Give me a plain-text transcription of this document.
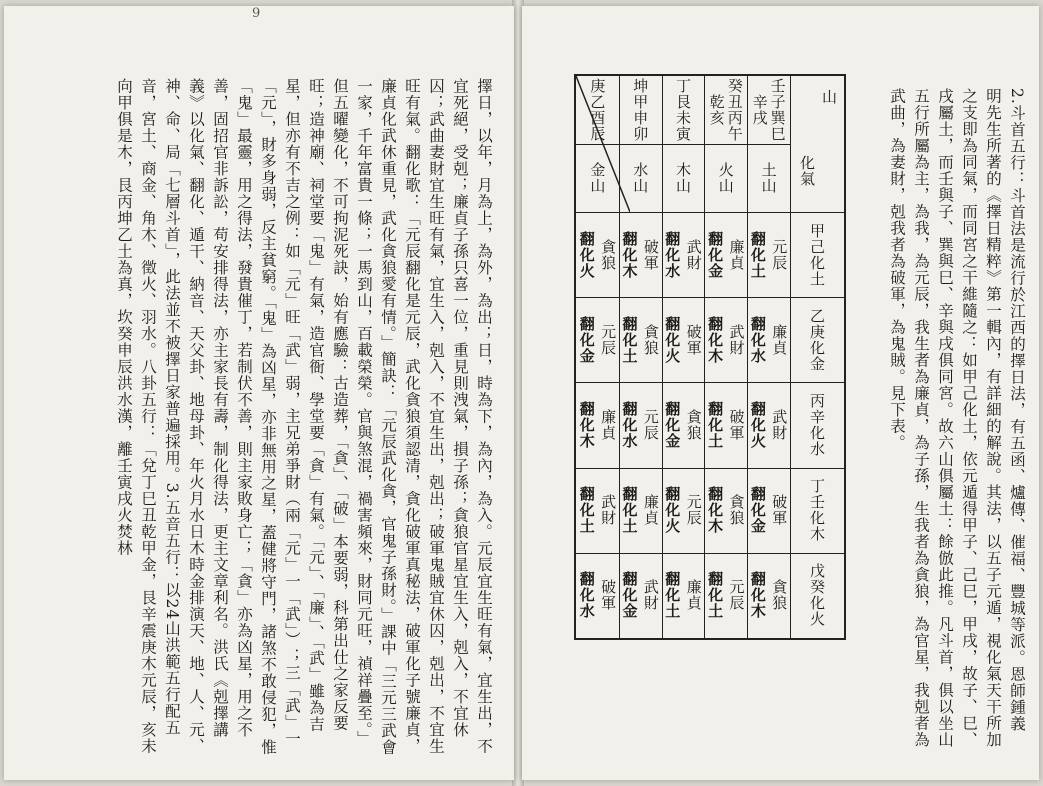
9
擇日，以年，月為上，為外，為出；日，時為下，為內，為入。元辰宜生旺有氣，宜生出，不宜死絕，受剋；廉貞子孫只喜一位，重見則洩氣，損子孫；貪狼官星宜生入，剋入，不宜休囚；武曲妻財宜生旺有氣，宜生入，剋入，不宜生出，剋出；破軍鬼賊宜休囚，剋出，不宜生旺有氣。翻化歌：「元辰翻化是元辰，武化貪狼須認清，貪化破軍真秘法，破軍化子號廉貞，廉貞化武休重見，武化貪狼愛有情。」簡訣：「元辰武化貪，官鬼子孫財。」課中「三元三武會一家，千年富貴一條；一馬到山，百載榮榮。官與煞混，禍害頻來，財同元旺，禎祥疊至。」但五曜變化，不可拘泥死訣，始有應驗：古造葬，「貪」、「破」本要弱，科第出仕之家反要旺；造神廟、祠堂要「鬼」有氣，造官衙、學堂要「貪」有氣。「元」、「廉」、「武」雖為吉星，但亦有不吉之例：如「元」旺「武」弱，主兄弟爭財（兩「元」一「武」）；三「武」一「元」，財多身弱，反主貧窮。「鬼」為凶星，亦非無用之星，蓋健將守門，諸煞不敢侵犯，惟「鬼」最靈，用之得法，發貴催丁，若制伏不善，則主家敗身亡；「貪」亦為凶星，用之不善，固招官非訴訟，苟安排得法，亦主家長有壽，制化得法，更主文章利名。洪氏《剋擇講義》以化氣、翻化、遁干、納音、天父卦、地母卦、年火月水日木時金排演天、地、人、元、神、命、局「七層斗首」，此法並不被擇日家普遍採用。3.五音五行：以24山洪範五行配五音，宮土、商金、角木、徵火、羽水。八卦五行：「兌丁巳丑乾甲金，艮辛震庚木元辰，亥未向甲俱是木，艮丙坤乙土為真，坎癸申辰洪水漢，離壬寅戌火焚林	2.斗首五行：斗首法是流行於江西的擇日法，有五函、爐傳、催福、豐城等派。恩師鍾義明先生所著的《擇日精粹》第一輯內，有詳細的解說。其法，以五子元遁，視化氣天干所加之支即為同氣，而同宮之干維隨之：如甲己化土，依元遁得甲子、己巳，甲戌，故子、巳、戌屬土，而壬與子、巽與巳、辛與戌俱同宮。故六山俱屬土：餘倣此推。凡斗首，俱以坐山五行所屬為主，為我，為元辰，我生者為廉貞，為子孫，生我者為貪狼，為官星，我剋者為武曲，為妻財，剋我者為破軍，為鬼賊。見下表。
山
化氣
壬子巽巳辛戌
土山
癸丑丙午乾亥
火山
丁艮未寅
木山
坤甲申卯
水山
庚乙酉辰
金山
甲己化土
元辰
翻化土
廉貞
翻化金
武財
翻化水
破軍
翻化木
貪狼
翻化火
乙庚化金
廉貞
翻化水
武財
翻化木
破軍
翻化火
貪狼
翻化土
元辰
翻化金
丙辛化水
武財
翻化火
破軍
翻化土
貪狼
翻化金
元辰
翻化水
廉貞
翻化木
丁壬化木
破軍
翻化金
貪狼
翻化木
元辰
翻化火
廉貞
翻化土
武財
翻化土
戊癸化火
貪狼
翻化木
元辰
翻化土
廉貞
翻化土
武財
翻化金
破軍
翻化水
